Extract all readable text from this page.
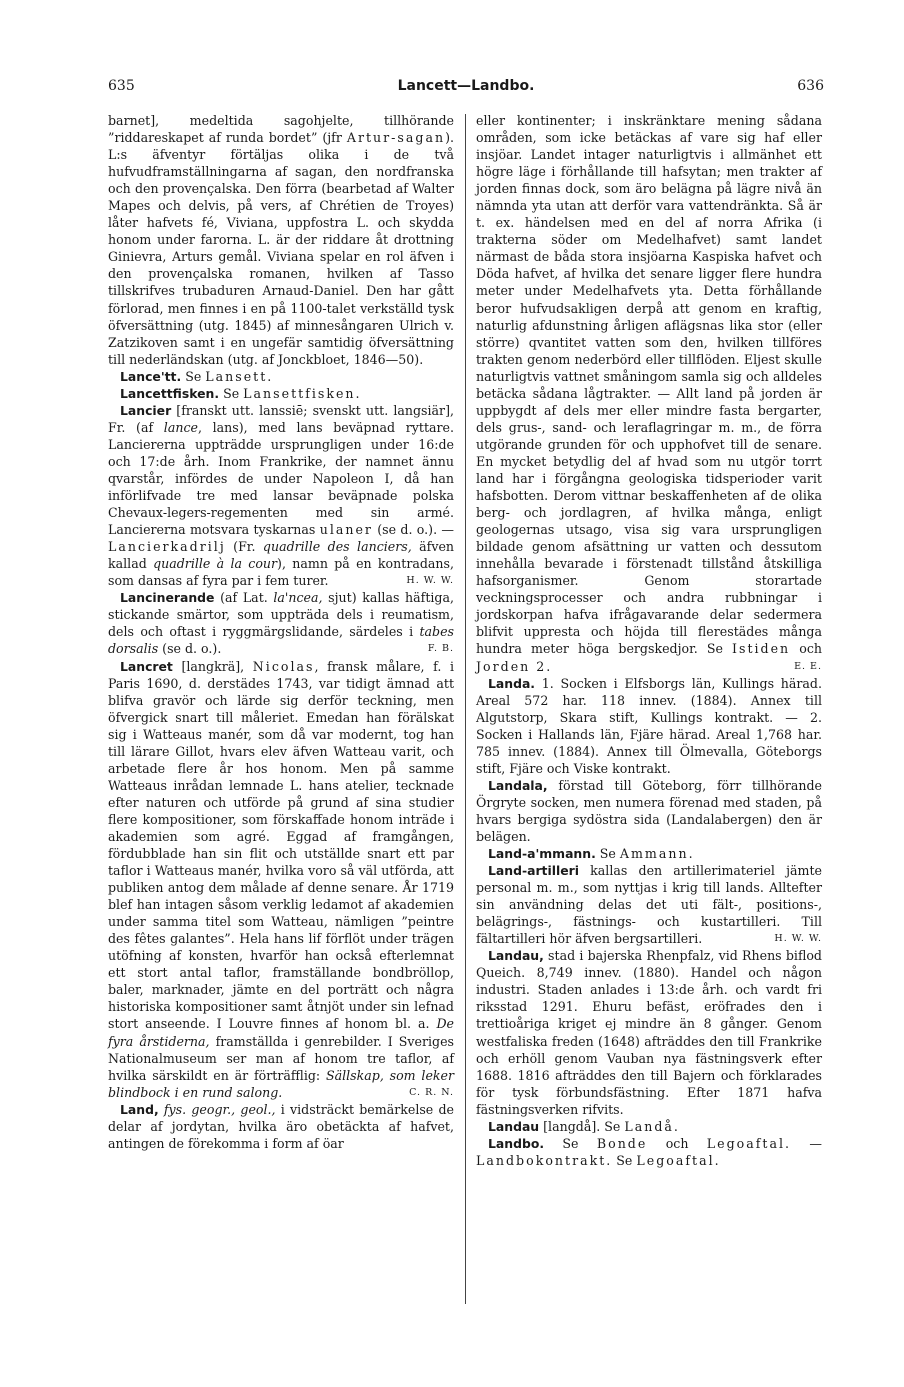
635	Lancett—Landbo.	636

barnet], medeltida sagohjelte, tillhörande ”riddareskapet af runda bordet” (jfr Artur-sagan). L:s äfventyr förtäljas olika i de två hufvudframställningarna af sagan, den nordfranska och den provençalska. Den förra (bearbetad af Walter Mapes och delvis, på vers, af Chrétien de Troyes) låter hafvets fé, Viviana, uppfostra L. och skydda honom under farorna. L. är der riddare åt drottning Ginievra, Arturs gemål. Viviana spelar en rol äfven i den provençalska romanen, hvilken af Tasso tillskrifves trubaduren Arnaud-Daniel. Den har gått förlorad, men finnes i en på 1100-talet verkställd tysk öfversättning (utg. 1845) af minnesångaren Ulrich v. Zatzikoven samt i en ungefär samtidig öfversättning till nederländskan (utg. af Jonckbloet, 1846—50).

Lance'tt. Se Lansett.

Lancettfisken. Se Lansettfisken.

Lancier [franskt utt. lanssiē; svenskt utt. langsiär], Fr. (af lance, lans), med lans beväpnad ryttare. Lanciererna uppträdde ursprungligen under 16:de och 17:de årh. Inom Frankrike, der namnet ännu qvarstår, infördes de under Napoleon I, då han införlifvade tre med lansar beväpnade polska Chevaux-legers-regementen med sin armé. Lanciererna motsvara tyskarnas ulaner (se d. o.). — Lancierkadrilj (Fr. quadrille des lanciers, äfven kallad quadrille à la cour), namn på en kontradans, som dansas af fyra par i fem turer.	H. W. W.

Lancinerande (af Lat. la'ncea, sjut) kallas häftiga, stickande smärtor, som uppträda dels i reumatism, dels och oftast i ryggmärgslidande, särdeles i tabes dorsalis (se d. o.).	F. B.

Lancret [langkrä], Nicolas, fransk målare, f. i Paris 1690, d. derstädes 1743, var tidigt ämnad att blifva gravör och lärde sig derför teckning, men öfvergick snart till måleriet. Emedan han förälskat sig i Watteaus manér, som då var modernt, tog han till lärare Gillot, hvars elev äfven Watteau varit, och arbetade flere år hos honom. Men på samme Watteaus inrådan lemnade L. hans atelier, tecknade efter naturen och utförde på grund af sina studier flere kompositioner, som förskaffade honom inträde i akademien som agré. Eggad af framgången, fördubblade han sin flit och utställde snart ett par taflor i Watteaus manér, hvilka voro så väl utförda, att publiken antog dem målade af denne senare. År 1719 blef han intagen såsom verklig ledamot af akademien under samma titel som Watteau, nämligen ”peintre des fêtes galantes”. Hela hans lif förflöt under trägen utöfning af konsten, hvarför han också efterlemnat ett stort antal taflor, framställande bondbröllop, baler, marknader, jämte en del porträtt och några historiska kompositioner samt åtnjöt under sin lefnad stort anseende. I Louvre finnes af honom bl. a. De fyra årstiderna, framställda i genrebilder. I Sveriges Nationalmuseum ser man af honom tre taflor, af hvilka särskildt en är förträfflig: Sällskap, som leker blindbock i en rund salong.	C. R. N.

Land, fys. geogr., geol., i vidsträckt bemärkelse de delar af jordytan, hvilka äro obetäckta af hafvet, antingen de förekomma i form af öar

eller kontinenter; i inskränktare mening sådana områden, som icke betäckas af vare sig haf eller insjöar. Landet intager naturligtvis i allmänhet ett högre läge i förhållande till hafsytan; men trakter af jorden finnas dock, som äro belägna på lägre nivå än nämnda yta utan att derför vara vattendränkta. Så är t. ex. händelsen med en del af norra Afrika (i trakterna söder om Medelhafvet) samt landet närmast de båda stora insjöarna Kaspiska hafvet och Döda hafvet, af hvilka det senare ligger flere hundra meter under Medelhafvets yta. Detta förhållande beror hufvudsakligen derpå att genom en kraftig, naturlig afdunstning årligen aflägsnas lika stor (eller större) qvantitet vatten som den, hvilken tillföres trakten genom nederbörd eller tillflöden. Eljest skulle naturligtvis vattnet småningom samla sig och alldeles betäcka sådana lågtrakter. — Allt land på jorden är uppbygdt af dels mer eller mindre fasta bergarter, dels grus-, sand- och leraflagringar m. m., de förra utgörande grunden för och upphofvet till de senare. En mycket betydlig del af hvad som nu utgör torrt land har i förgångna geologiska tidsperioder varit hafsbotten. Derom vittnar beskaffenheten af de olika berg- och jordlagren, af hvilka många, enligt geologernas utsago, visa sig vara ursprungligen bildade genom afsättning ur vatten och dessutom innehålla bevarade i förstenadt tillstånd åtskilliga hafsorganismer. Genom storartade veckningsprocesser och andra rubbningar i jordskorpan hafva ifrågavarande delar sedermera blifvit uppresta och höjda till flerestädes många hundra meter höga bergskedjor. Se Istiden och Jorden 2.	E. E.

Landa. 1. Socken i Elfsborgs län, Kullings härad. Areal 572 har. 118 innev. (1884). Annex till Algutstorp, Skara stift, Kullings kontrakt. — 2. Socken i Hallands län, Fjäre härad. Areal 1,768 har. 785 innev. (1884). Annex till Ölmevalla, Göteborgs stift, Fjäre och Viske kontrakt.

Landala, förstad till Göteborg, förr tillhörande Örgryte socken, men numera förenad med staden, på hvars bergiga sydöstra sida (Landalabergen) den är belägen.

Land-a'mmann. Se Ammann.

Land-artilleri kallas den artillerimateriel jämte personal m. m., som nyttjas i krig till lands. Alltefter sin användning delas det uti fält-, positions-, belägrings-, fästnings- och kustartilleri. Till fältartilleri hör äfven bergsartilleri.	H. W. W.

Landau, stad i bajerska Rhenpfalz, vid Rhens biflod Queich. 8,749 innev. (1880). Handel och någon industri. Staden anlades i 13:de årh. och vardt fri riksstad 1291. Ehuru befäst, eröfrades den i trettioåriga kriget ej mindre än 8 gånger. Genom westfaliska freden (1648) afträddes den till Frankrike och erhöll genom Vauban nya fästningsverk efter 1688. 1816 afträddes den till Bajern och förklarades för tysk förbundsfästning. Efter 1871 hafva fästningsverken rifvits.

Landau [langdå]. Se Landå.

Landbo. Se Bonde och Legoaftal. — Landbokontrakt. Se Legoaftal.
